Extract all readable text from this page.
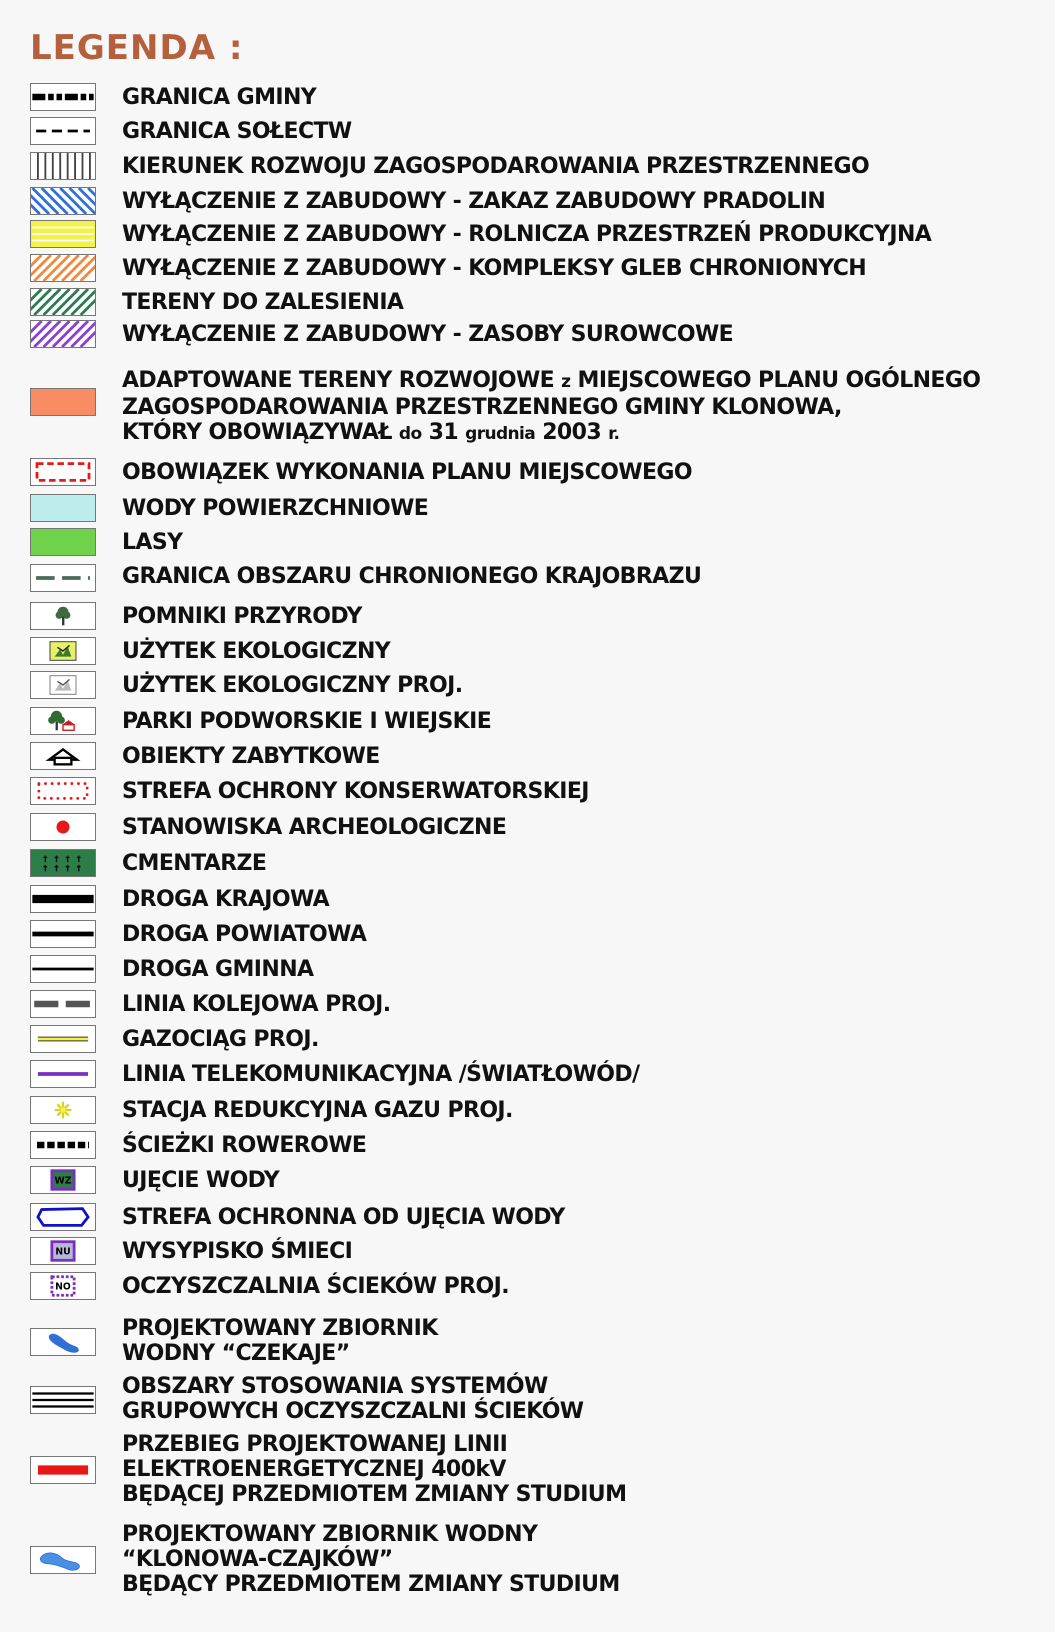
LEGENDA :
GRANICA GMINY
GRANICA SOŁECTW
KIERUNEK ROZWOJU ZAGOSPODAROWANIA PRZESTRZENNEGO
WYŁĄCZENIE Z ZABUDOWY - ZAKAZ ZABUDOWY PRADOLIN
WYŁĄCZENIE Z ZABUDOWY - ROLNICZA PRZESTRZEŃ PRODUKCYJNA
WYŁĄCZENIE Z ZABUDOWY - KOMPLEKSY GLEB CHRONIONYCH
TERENY DO ZALESIENIA
WYŁĄCZENIE Z ZABUDOWY - ZASOBY SUROWCOWE
ADAPTOWANE TERENY ROZWOJOWE z MIEJSCOWEGO PLANU OGÓLNEGO
ZAGOSPODAROWANIA PRZESTRZENNEGO GMINY KLONOWA,
KTÓRY OBOWIĄZYWAŁ do 31 grudnia 2003 r.
OBOWIĄZEK WYKONANIA PLANU MIEJSCOWEGO
WODY POWIERZCHNIOWE
LASY
GRANICA OBSZARU CHRONIONEGO KRAJOBRAZU
POMNIKI PRZYRODY
UŻYTEK EKOLOGICZNY
UŻYTEK EKOLOGICZNY PROJ.
PARKI PODWORSKIE I WIEJSKIE
OBIEKTY ZABYTKOWE
STREFA OCHRONY KONSERWATORSKIEJ
STANOWISKA ARCHEOLOGICZNE
CMENTARZE
DROGA KRAJOWA
DROGA POWIATOWA
DROGA GMINNA
LINIA KOLEJOWA PROJ.
GAZOCIĄG PROJ.
LINIA TELEKOMUNIKACYJNA /ŚWIATŁOWÓD/
STACJA REDUKCYJNA GAZU PROJ.
ŚCIEŻKI ROWEROWE
WZ UJĘCIE WODY
STREFA OCHRONNA OD UJĘCIA WODY
NU WYSYPISKO ŚMIECI
NO OCZYSZCZALNIA ŚCIEKÓW PROJ.
PROJEKTOWANY ZBIORNIK
WODNY “CZEKAJE”
OBSZARY STOSOWANIA SYSTEMÓW
GRUPOWYCH OCZYSZCZALNI ŚCIEKÓW
PRZEBIEG PROJEKTOWANEJ LINII
ELEKTROENERGETYCZNEJ 400kV
BĘDĄCEJ PRZEDMIOTEM ZMIANY STUDIUM
PROJEKTOWANY ZBIORNIK WODNY
“KLONOWA-CZAJKÓW”
BĘDĄCY PRZEDMIOTEM ZMIANY STUDIUM
